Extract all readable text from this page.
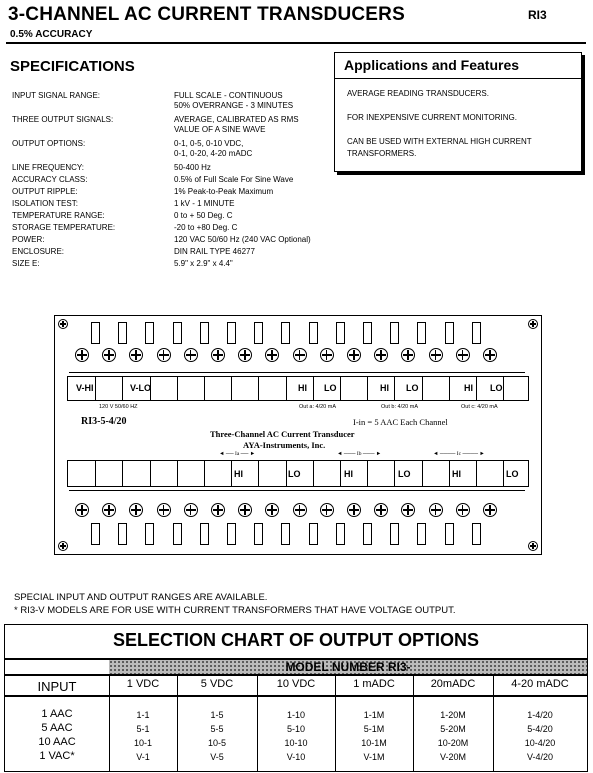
3-CHANNEL AC CURRENT TRANSDUCERS	RI3
0.5% ACCURACY
SPECIFICATIONS
INPUT SIGNAL RANGE:	FULL SCALE - CONTINUOUS
50% OVERRANGE - 3 MINUTES
THREE OUTPUT SIGNALS:	AVERAGE, CALIBRATED AS RMS
VALUE OF A SINE WAVE
OUTPUT OPTIONS:	0-1, 0-5, 0-10 VDC,
0-1, 0-20, 4-20 mADC
LINE FREQUENCY:	50-400 Hz
ACCURACY CLASS:	0.5% of Full Scale For Sine Wave
OUTPUT RIPPLE:	1% Peak-to-Peak Maximum
ISOLATION TEST:	1 kV - 1 MINUTE
TEMPERATURE RANGE:	0 to + 50 Deg. C
STORAGE TEMPERATURE:	-20 to +80 Deg. C
POWER:	120 VAC 50/60 Hz (240 VAC Optional)
ENCLOSURE:	DIN RAIL TYPE 46277
SIZE E:	5.9" x 2.9" x 4.4"
Applications and Features
AVERAGE READING TRANSDUCERS.
FOR INEXPENSIVE CURRENT MONITORING.
CAN BE USED WITH EXTERNAL HIGH CURRENT TRANSFORMERS.
V-HI	V-LO	HI LO	HI LO	HI LO
120 V 50/60 HZ	Out a: 4/20 mA	Out b: 4/20 mA	Out c: 4/20 mA
RI3-5-4/20	I-in = 5 AAC Each Channel
Three-Channel AC Current Transducer
AYA-Instruments, Inc.
◄ ── Ia ── ►	◄ ─── Ib ─── ►	◄ ──── Ic ──── ►
HI	LO	HI	LO	HI	LO
SPECIAL INPUT AND OUTPUT RANGES ARE AVAILABLE.
* RI3-V MODELS ARE FOR USE WITH CURRENT TRANSFORMERS THAT HAVE VOLTAGE OUTPUT.
SELECTION CHART OF OUTPUT OPTIONS
MODEL NUMBER RI3-
INPUT	1 VDC	5 VDC	10 VDC	1 mADC	20mADC	4-20 mADC
1 AAC	1-1	1-5	1-10	1-1M	1-20M	1-4/20
5 AAC	5-1	5-5	5-10	5-1M	5-20M	5-4/20
10 AAC	10-1	10-5	10-10	10-1M	10-20M	10-4/20
1 VAC*	V-1	V-5	V-10	V-1M	V-20M	V-4/20
